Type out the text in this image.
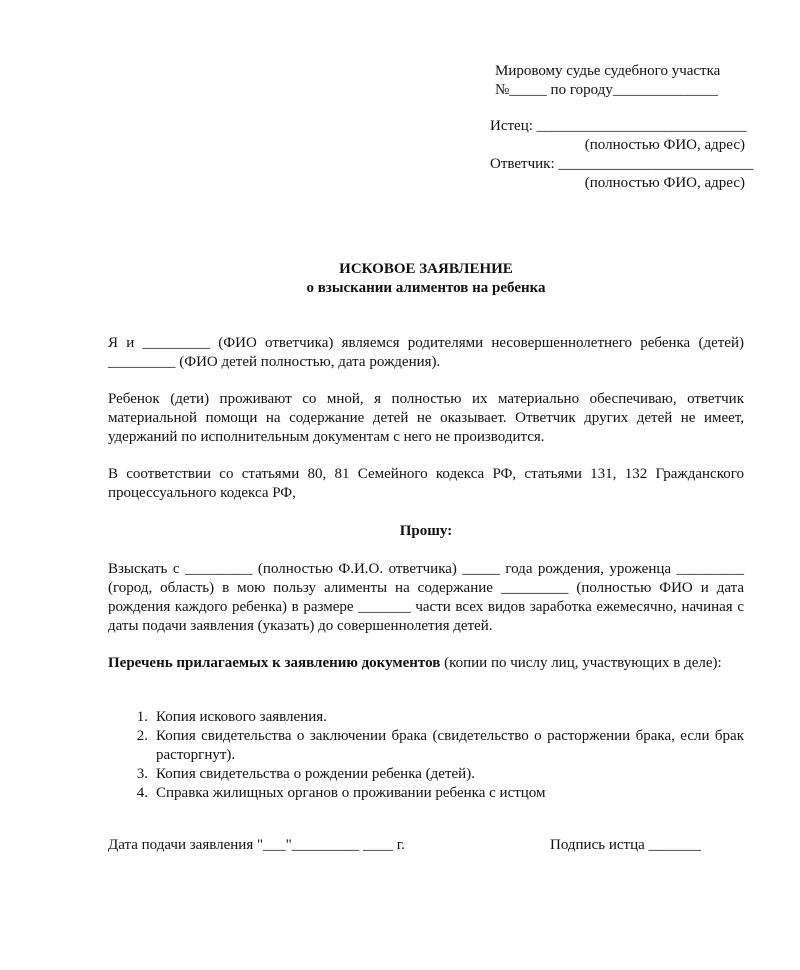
Мировому судье судебного участка
№_____ по городу______________
Истец: ____________________________
(полностью ФИО, адрес)
Ответчик: __________________________
(полностью ФИО, адрес)
ИСКОВОЕ ЗАЯВЛЕНИЕ
о взыскании алиментов на ребенка
Я и _________ (ФИО ответчика) являемся родителями несовершеннолетнего ребенка (детей) _________ (ФИО детей полностью, дата рождения).
Ребенок (дети) проживают со мной, я полностью их материально обеспечиваю, ответчик материальной помощи на содержание детей не оказывает. Ответчик других детей не имеет, удержаний по исполнительным документам с него не производится.
В соответствии со статьями 80, 81 Семейного кодекса РФ, статьями 131, 132 Гражданского процессуального кодекса РФ,
Прошу:
Взыскать с _________ (полностью Ф.И.О. ответчика) _____ года рождения, уроженца _________ (город, область) в мою пользу алименты на содержание _________ (полностью ФИО и дата рождения каждого ребенка) в размере _______ части всех видов заработка ежемесячно, начиная с даты подачи заявления (указать) до совершеннолетия детей.
Перечень прилагаемых к заявлению документов (копии по числу лиц, участвующих в деле):
1. Копия искового заявления.
2. Копия свидетельства о заключении брака (свидетельство о расторжении брака, если брак расторгнут).
3. Копия свидетельства о рождении ребенка (детей).
4. Справка жилищных органов о проживании ребенка с истцом
Дата подачи заявления "___"_________ ____ г.	Подпись истца _______
